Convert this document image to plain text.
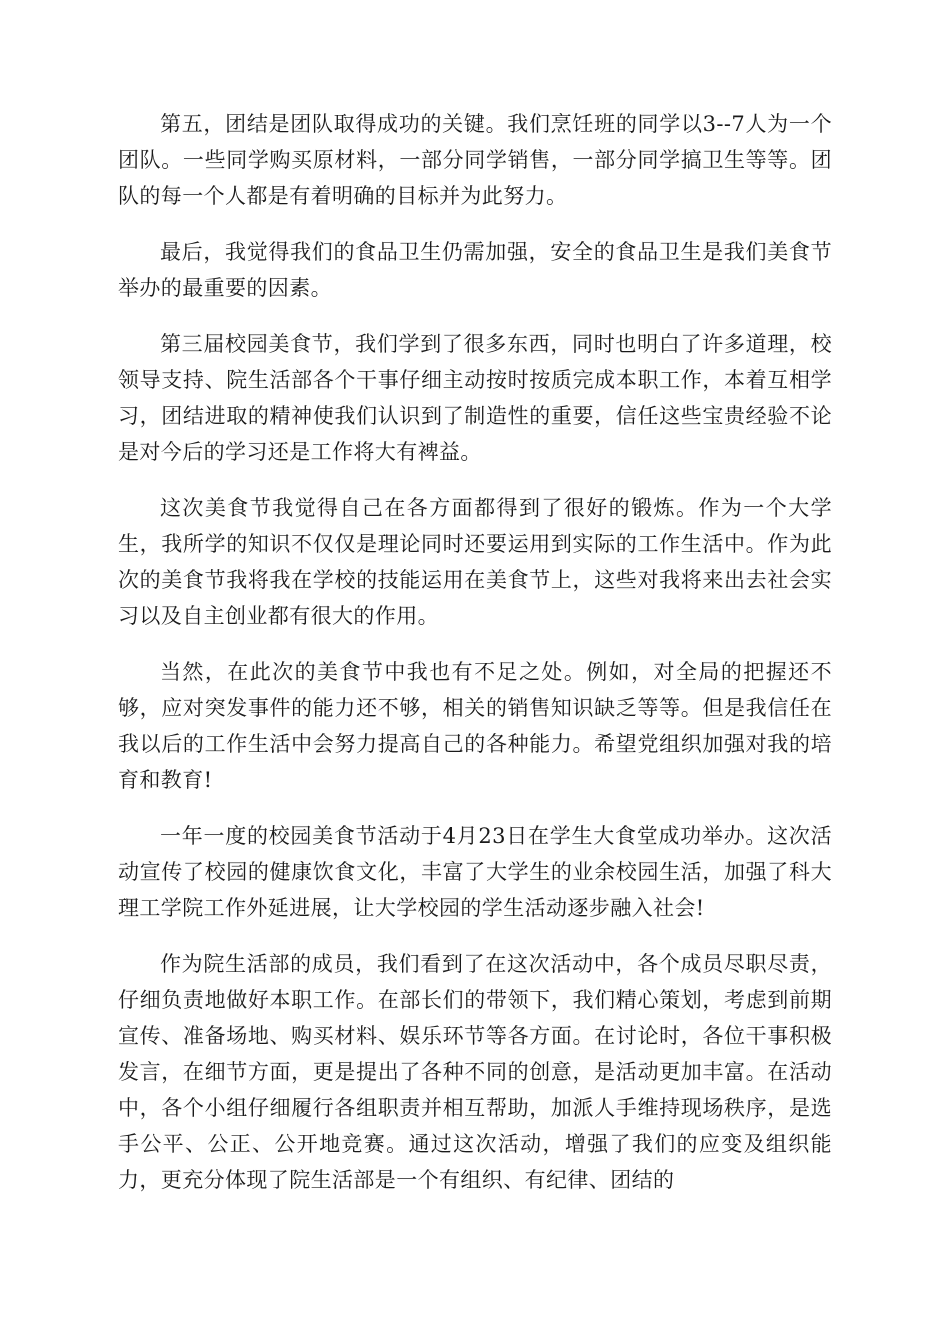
第五，团结是团队取得成功的关键。我们烹饪班的同学以3--7人为一个团队。一些同学购买原材料，一部分同学销售，一部分同学搞卫生等等。团队的每一个人都是有着明确的目标并为此努力。

最后，我觉得我们的食品卫生仍需加强，安全的食品卫生是我们美食节举办的最重要的因素。

第三届校园美食节，我们学到了很多东西，同时也明白了许多道理，校领导支持、院生活部各个干事仔细主动按时按质完成本职工作，本着互相学习，团结进取的精神使我们认识到了制造性的重要，信任这些宝贵经验不论是对今后的学习还是工作将大有裨益。

这次美食节我觉得自己在各方面都得到了很好的锻炼。作为一个大学生，我所学的知识不仅仅是理论同时还要运用到实际的工作生活中。作为此次的美食节我将我在学校的技能运用在美食节上，这些对我将来出去社会实习以及自主创业都有很大的作用。

当然，在此次的美食节中我也有不足之处。例如，对全局的把握还不够，应对突发事件的能力还不够，相关的销售知识缺乏等等。但是我信任在我以后的工作生活中会努力提高自己的各种能力。希望党组织加强对我的培育和教育!

一年一度的校园美食节活动于4月23日在学生大食堂成功举办。这次活动宣传了校园的健康饮食文化，丰富了大学生的业余校园生活，加强了科大理工学院工作外延进展，让大学校园的学生活动逐步融入社会!

作为院生活部的成员，我们看到了在这次活动中，各个成员尽职尽责，仔细负责地做好本职工作。在部长们的带领下，我们精心策划，考虑到前期宣传、准备场地、购买材料、娱乐环节等各方面。在讨论时，各位干事积极发言，在细节方面，更是提出了各种不同的创意，是活动更加丰富。在活动中，各个小组仔细履行各组职责并相互帮助，加派人手维持现场秩序，是选手公平、公正、公开地竞赛。通过这次活动，增强了我们的应变及组织能力，更充分体现了院生活部是一个有组织、有纪律、团结的
